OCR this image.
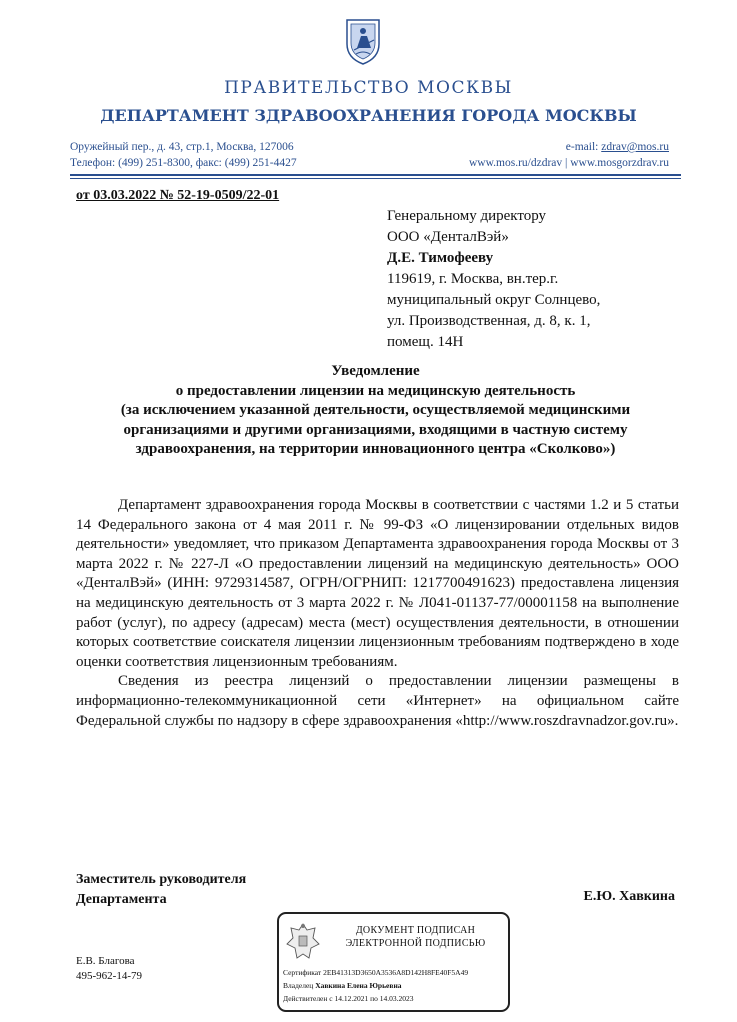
ПРАВИТЕЛЬСТВО МОСКВЫ
ДЕПАРТАМЕНТ ЗДРАВООХРАНЕНИЯ ГОРОДА МОСКВЫ
Оружейный пер., д. 43, стр.1, Москва, 127006
Телефон: (499) 251-8300, факс: (499) 251-4427
e-mail: zdrav@mos.ru
www.mos.ru/dzdrav | www.mosgorzdrav.ru
от 03.03.2022 № 52-19-0509/22-01
Генеральному директору
ООО «ДенталВэй»
Д.Е. Тимофееву
119619, г. Москва, вн.тер.г.
муниципальный округ Солнцево,
ул. Производственная, д. 8, к. 1,
помещ. 14Н
Уведомление
о предоставлении лицензии на медицинскую деятельность
(за исключением указанной деятельности, осуществляемой медицинскими
организациями и другими организациями, входящими в частную систему
здравоохранения, на территории инновационного центра «Сколково»)

Департамент здравоохранения города Москвы в соответствии с частями 1.2 и 5 статьи 14 Федерального закона от 4 мая 2011 г. № 99-ФЗ «О лицензировании отдельных видов деятельности» уведомляет, что приказом Департамента здравоохранения города Москвы от 3 марта 2022 г. № 227-Л «О предоставлении лицензий на медицинскую деятельность» ООО «ДенталВэй» (ИНН: 9729314587, ОГРН/ОГРНИП: 1217700491623) предоставлена лицензия на медицинскую деятельность от 3 марта 2022 г. № Л041-01137-77/00001158 на выполнение работ (услуг), по адресу (адресам) места (мест) осуществления деятельности, в отношении которых соответствие соискателя лицензии лицензионным требованиям подтверждено в ходе оценки соответствия лицензионным требованиям.

Сведения из реестра лицензий о предоставлении лицензии размещены в информационно-телекоммуникационной сети «Интернет» на официальном сайте Федеральной службы по надзору в сфере здравоохранения «http://www.roszdravnadzor.gov.ru».

Заместитель руководителя
Департамента	Е.Ю. Хавкина
Е.В. Благова
495-962-14-79
ДОКУМЕНТ ПОДПИСАН
ЭЛЕКТРОННОЙ ПОДПИСЬЮ
Сертификат 2EB41313D3650A3536A8D142H8FE40F5A49
Владелец Хавкина Елена Юрьевна
Действителен с 14.12.2021 по 14.03.2023
